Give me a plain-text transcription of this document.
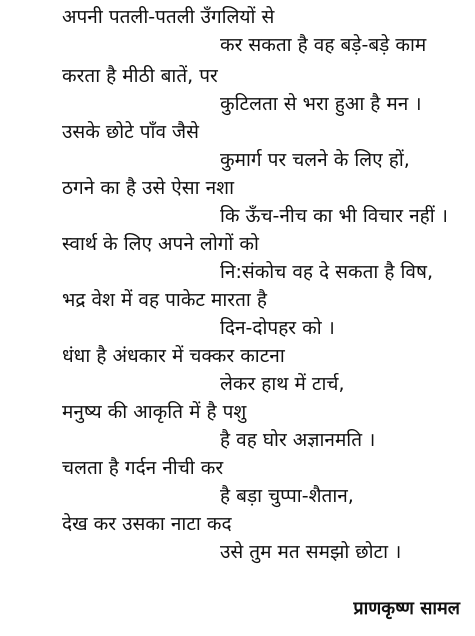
अपनी पतली-पतली उँगलियों से
कर सकता है वह बड़े-बड़े काम
करता है मीठी बातें, पर
कुटिलता से भरा हुआ है मन ।
उसके छोटे पाँव जैसे
कुमार्ग पर चलने के लिए हों,
ठगने का है उसे ऐसा नशा
कि ऊँच-नीच का भी विचार नहीं ।
स्वार्थ के लिए अपने लोगों को
नि:संकोच वह दे सकता है विष,
भद्र वेश में वह पाकेट मारता है
दिन-दोपहर को ।
धंधा है अंधकार में चक्कर काटना
लेकर हाथ में टार्च,
मनुष्य की आकृति में है पशु
है वह घोर अज्ञानमति ।
चलता है गर्दन नीची कर
है बड़ा चुप्पा-शैतान,
देख कर उसका नाटा कद
उसे तुम मत समझो छोटा ।
प्राणकृष्ण सामल
